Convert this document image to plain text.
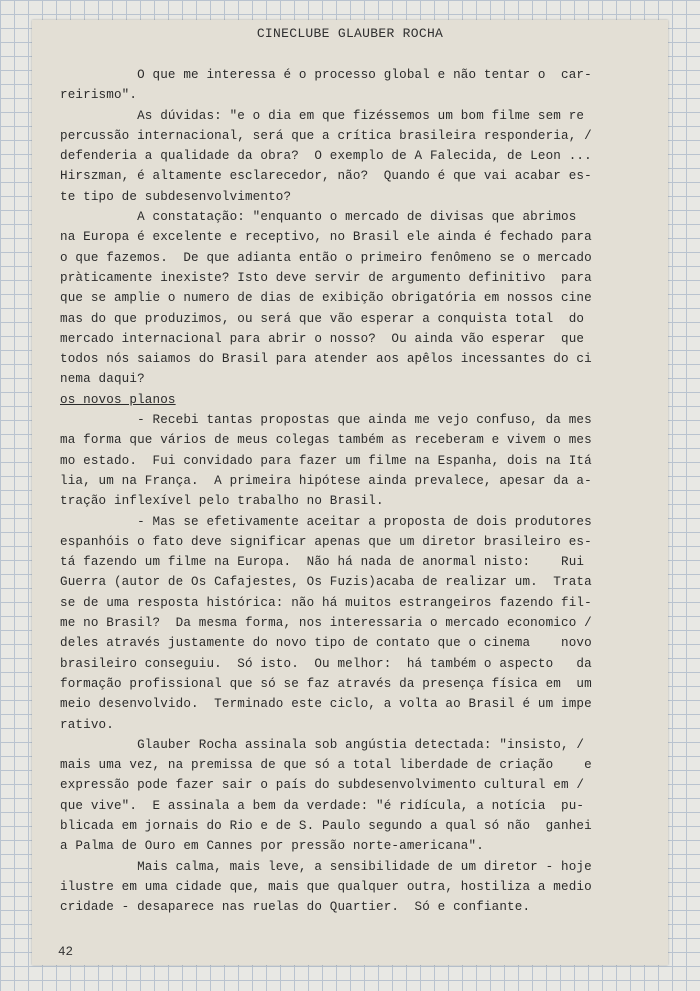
CINECLUBE GLAUBER ROCHA
O que me interessa é o processo global e não tentar o  car-
reirismo".
As dúvidas: "e o dia em que fizéssemos um bom filme sem re
percussão internacional, será que a crítica brasileira responderia, /
defenderia a qualidade da obra?  O exemplo de A Falecida, de Leon ...
Hirszman, é altamente esclarecedor, não?  Quando é que vai acabar es-
te tipo de subdesenvolvimento?
A constatação: "enquanto o mercado de divisas que abrimos
na Europa é excelente e receptivo, no Brasil ele ainda é fechado para
o que fazemos.  De que adianta então o primeiro fenômeno se o mercado
pràticamente inexiste? Isto deve servir de argumento definitivo  para
que se amplie o numero de dias de exibição obrigatória em nossos cine
mas do que produzimos, ou será que vão esperar a conquista total  do
mercado internacional para abrir o nosso?  Ou ainda vão esperar  que
todos nós saiamos do Brasil para atender aos apêlos incessantes do ci
nema daqui?
os novos planos
- Recebi tantas propostas que ainda me vejo confuso, da mes
ma forma que vários de meus colegas também as receberam e vivem o mes
mo estado.  Fui convidado para fazer um filme na Espanha, dois na Itá
lia, um na França.  A primeira hipótese ainda prevalece, apesar da a-
tração inflexível pelo trabalho no Brasil.
- Mas se efetivamente aceitar a proposta de dois produtores
espanhóis o fato deve significar apenas que um diretor brasileiro es-
tá fazendo um filme na Europa.  Não há nada de anormal nisto:    Rui
Guerra (autor de Os Cafajestes, Os Fuzis)acaba de realizar um.  Trata
se de uma resposta histórica: não há muitos estrangeiros fazendo fil-
me no Brasil?  Da mesma forma, nos interessaria o mercado economico /
deles através justamente do novo tipo de contato que o cinema    novo
brasileiro conseguiu.  Só isto.  Ou melhor:  há também o aspecto   da
formação profissional que só se faz através da presença física em  um
meio desenvolvido.  Terminado este ciclo, a volta ao Brasil é um impe
rativo.
Glauber Rocha assinala sob angústia detectada: "insisto, /
mais uma vez, na premissa de que só a total liberdade de criação    e
expressão pode fazer sair o país do subdesenvolvimento cultural em /
que vive".  E assinala a bem da verdade: "é ridícula, a notícia  pu-
blicada em jornais do Rio e de S. Paulo segundo a qual só não  ganhei
a Palma de Ouro em Cannes por pressão norte-americana".
Mais calma, mais leve, a sensibilidade de um diretor - hoje
ilustre em uma cidade que, mais que qualquer outra, hostiliza a medio
cridade - desaparece nas ruelas do Quartier.  Só e confiante.
42
